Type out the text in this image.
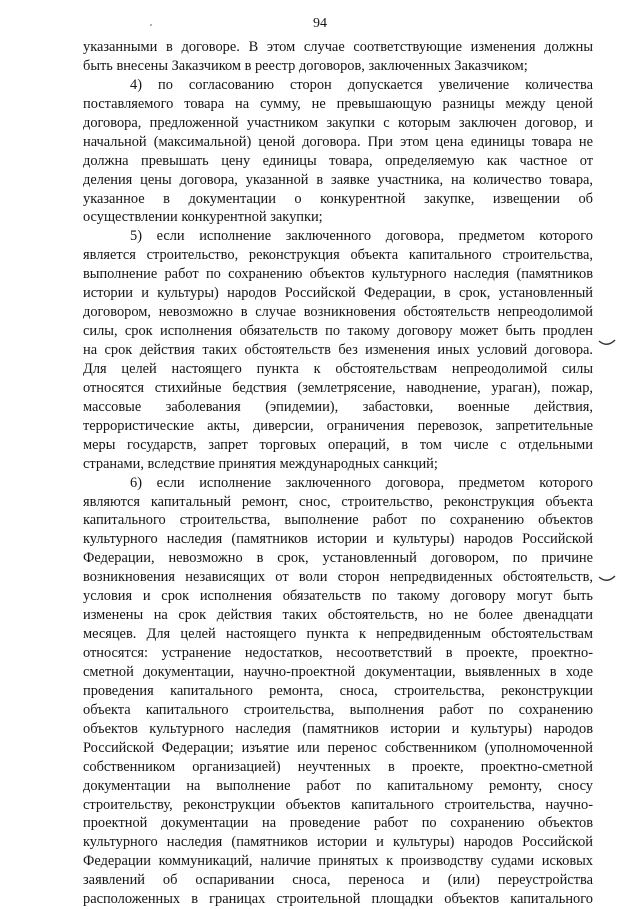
94
указанными в договоре. В этом случае соответствующие изменения должны
быть внесены Заказчиком в реестр договоров, заключенных Заказчиком;
4) по согласованию сторон допускается увеличение количества
поставляемого товара на сумму, не превышающую разницы между ценой
договора, предложенной участником закупки с которым заключен договор, и
начальной (максимальной) ценой договора. При этом цена единицы товара не
должна превышать цену единицы товара, определяемую как частное от
деления цены договора, указанной в заявке участника, на количество товара,
указанное в документации о конкурентной закупке, извещении об
осуществлении конкурентной закупки;
5) если исполнение заключенного договора, предметом которого
является строительство, реконструкция объекта капитального строительства,
выполнение работ по сохранению объектов культурного наследия (памятников
истории и культуры) народов Российской Федерации, в срок, установленный
договором, невозможно в случае возникновения обстоятельств непреодолимой
силы, срок исполнения обязательств по такому договору может быть продлен
на срок действия таких обстоятельств без изменения иных условий договора.
Для целей настоящего пункта к обстоятельствам непреодолимой силы
относятся стихийные бедствия (землетрясение, наводнение, ураган), пожар,
массовые заболевания (эпидемии), забастовки, военные действия,
террористические акты, диверсии, ограничения перевозок, запретительные
меры государств, запрет торговых операций, в том числе с отдельными
странами, вследствие принятия международных санкций;
6) если исполнение заключенного договора, предметом которого
являются капитальный ремонт, снос, строительство, реконструкция объекта
капитального строительства, выполнение работ по сохранению объектов
культурного наследия (памятников истории и культуры) народов Российской
Федерации, невозможно в срок, установленный договором, по причине
возникновения независящих от воли сторон непредвиденных обстоятельств,
условия и срок исполнения обязательств по такому договору могут быть
изменены на срок действия таких обстоятельств, но не более двенадцати
месяцев. Для целей настоящего пункта к непредвиденным обстоятельствам
относятся: устранение недостатков, несоответствий в проекте, проектно-
сметной документации, научно-проектной документации, выявленных в ходе
проведения капитального ремонта, сноса, строительства, реконструкции
объекта капитального строительства, выполнения работ по сохранению
объектов культурного наследия (памятников истории и культуры) народов
Российской Федерации; изъятие или перенос собственником (уполномоченной
собственником организацией) неучтенных в проекте, проектно-сметной
документации на выполнение работ по капитальному ремонту, сносу
строительству, реконструкции объектов капитального строительства, научно-
проектной документации на проведение работ по сохранению объектов
культурного наследия (памятников истории и культуры) народов Российской
Федерации коммуникаций, наличие принятых к производству судами исковых
заявлений об оспаривании сноса, переноса и (или) переустройства
расположенных в границах строительной площадки объектов капитального
